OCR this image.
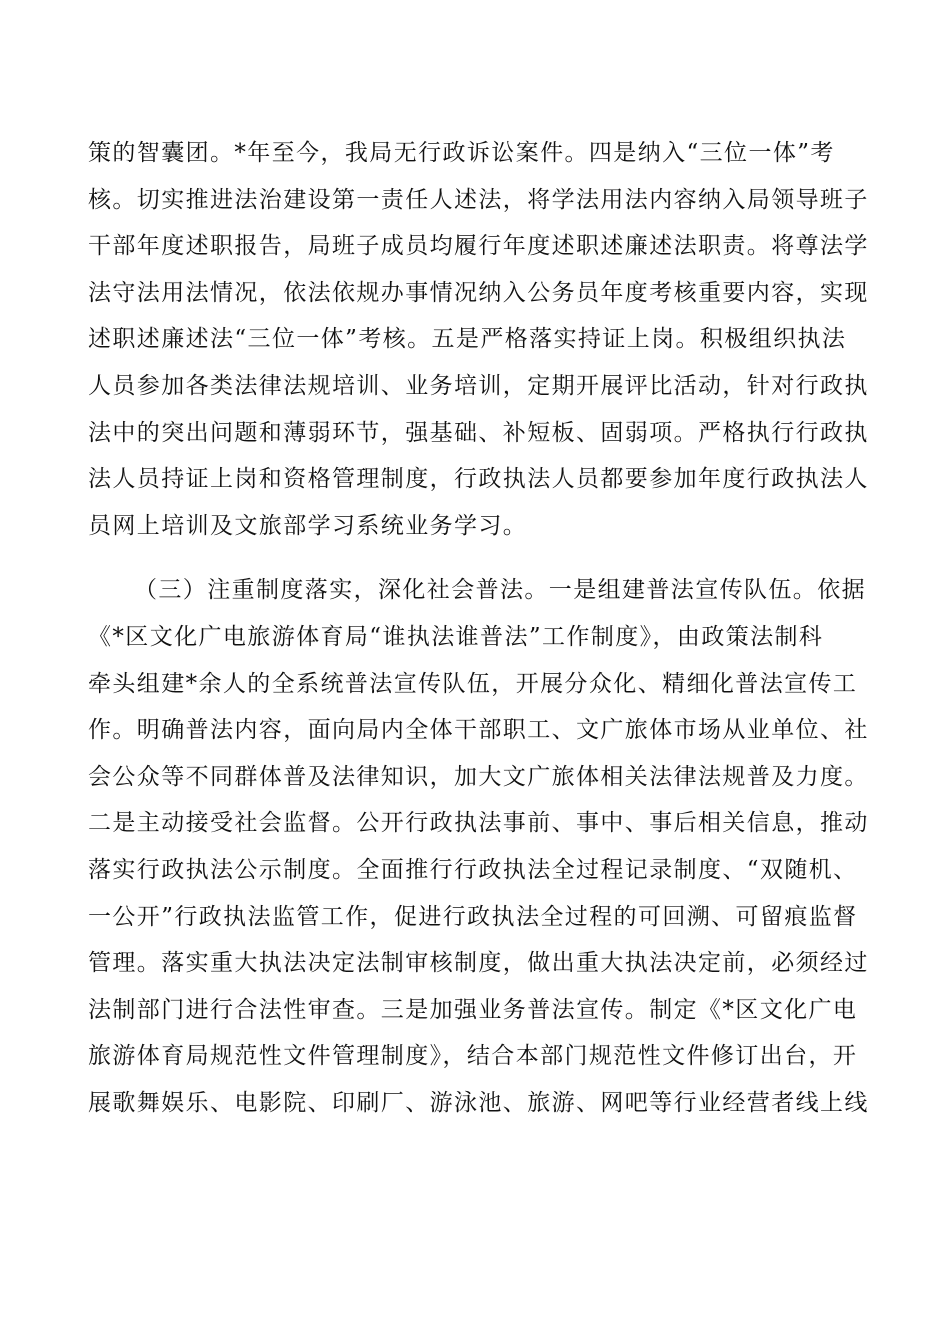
策的智囊团。*年至今，我局无行政诉讼案件。四是纳入“三位一体”考
核。切实推进法治建设第一责任人述法，将学法用法内容纳入局领导班子
干部年度述职报告，局班子成员均履行年度述职述廉述法职责。将尊法学
法守法用法情况，依法依规办事情况纳入公务员年度考核重要内容，实现
述职述廉述法“三位一体”考核。五是严格落实持证上岗。积极组织执法
人员参加各类法律法规培训、业务培训，定期开展评比活动，针对行政执
法中的突出问题和薄弱环节，强基础、补短板、固弱项。严格执行行政执
法人员持证上岗和资格管理制度，行政执法人员都要参加年度行政执法人
员网上培训及文旅部学习系统业务学习。
（三）注重制度落实，深化社会普法。一是组建普法宣传队伍。依据
《*区文化广电旅游体育局“谁执法谁普法”工作制度》，由政策法制科
牵头组建*余人的全系统普法宣传队伍，开展分众化、精细化普法宣传工
作。明确普法内容，面向局内全体干部职工、文广旅体市场从业单位、社
会公众等不同群体普及法律知识，加大文广旅体相关法律法规普及力度。
二是主动接受社会监督。公开行政执法事前、事中、事后相关信息，推动
落实行政执法公示制度。全面推行行政执法全过程记录制度、“双随机、
一公开”行政执法监管工作，促进行政执法全过程的可回溯、可留痕监督
管理。落实重大执法决定法制审核制度，做出重大执法决定前，必须经过
法制部门进行合法性审查。三是加强业务普法宣传。制定《*区文化广电
旅游体育局规范性文件管理制度》，结合本部门规范性文件修订出台，开
展歌舞娱乐、电影院、印刷厂、游泳池、旅游、网吧等行业经营者线上线
